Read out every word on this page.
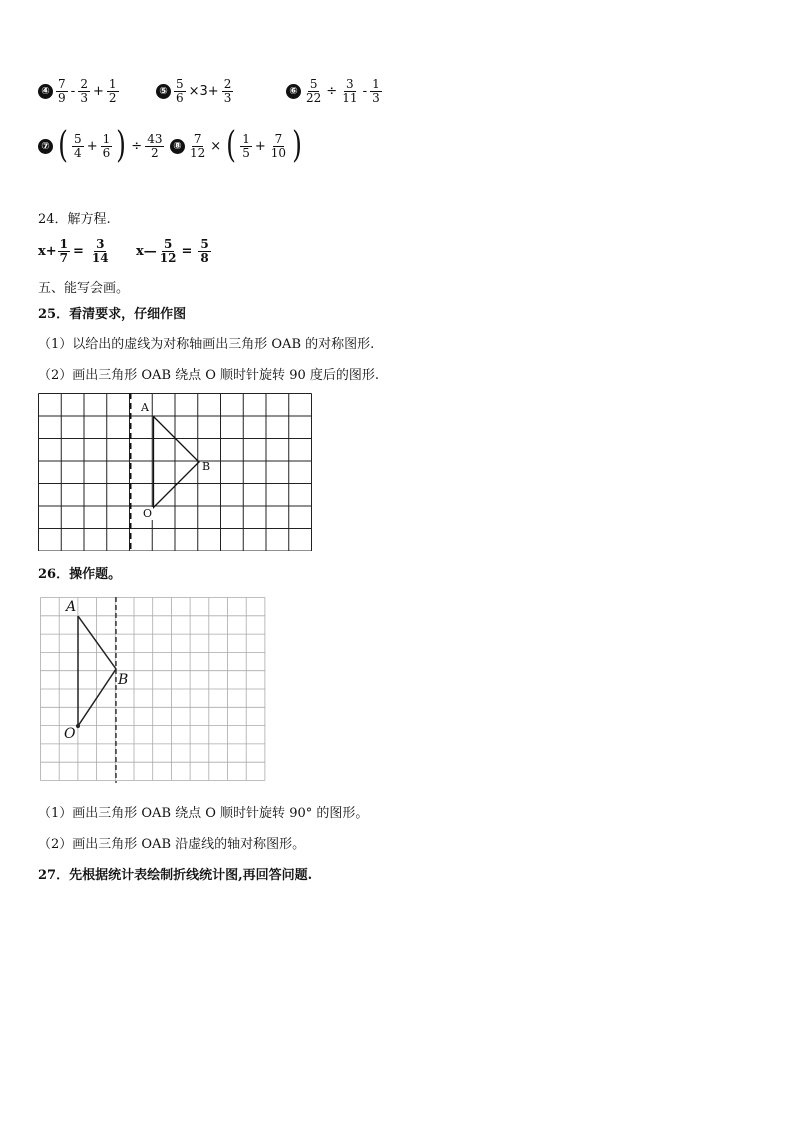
④ $\frac{7}{9} - \frac{2}{3} + \frac{1}{2}$	⑤ $\frac{5}{6} \times 3+ \frac{2}{3}$	⑥ $\frac{5}{22} \div \frac{3}{11} - \frac{1}{3}$
⑦ ( $\frac{5}{4} + \frac{1}{6}$ ) ÷ $\frac{43}{2}$ ⑧ $\frac{7}{12}$ × ( $\frac{1}{5} + \frac{7}{10}$ )
24．解方程.
$x+ \frac{1}{7} = \frac{3}{14}$ x— $\frac{5}{12} = \frac{5}{8}$
五、能写会画。
25．看清要求，仔细作图
（1）以给出的虚线为对称轴画出三角形 OAB 的对称图形.
（2）画出三角形 OAB 绕点 O 顺时针旋转 90 度后的图形.
A
B
O
26．操作题。
A
B
O
（1）画出三角形 OAB 绕点 O 顺时针旋转 90° 的图形。
（2）画出三角形 OAB 沿虚线的轴对称图形。
27．先根据统计表绘制折线统计图,再回答问题.
